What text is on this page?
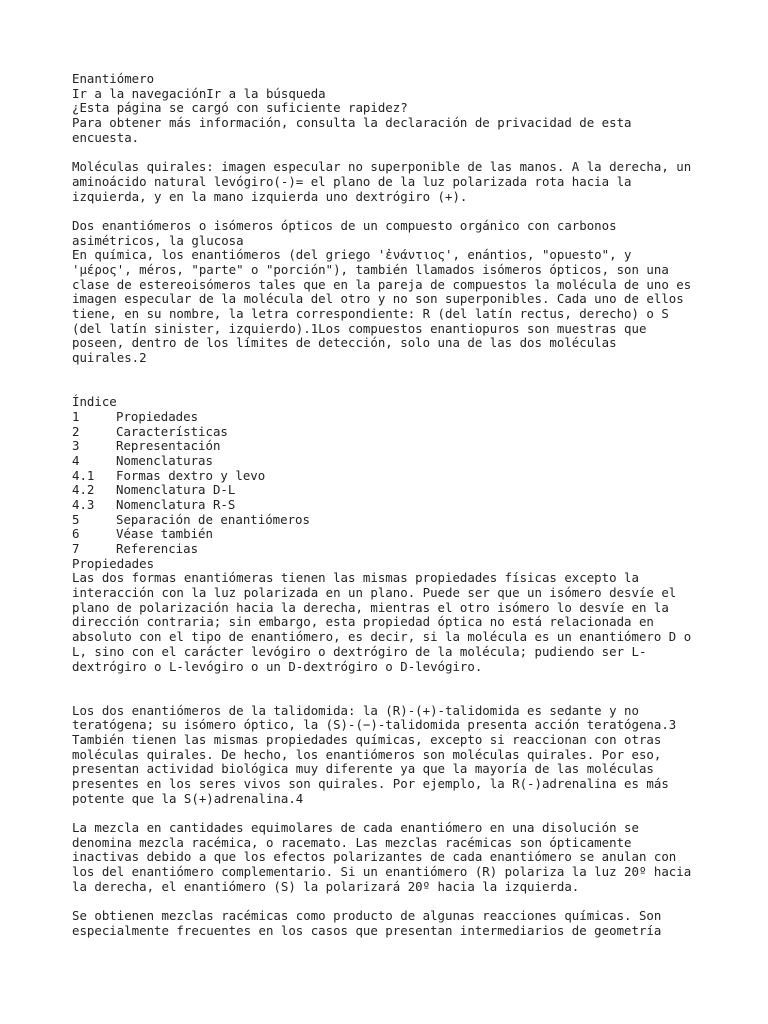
Enantiómero
Ir a la navegaciónIr a la búsqueda
¿Esta página se cargó con suficiente rapidez?
Para obtener más información, consulta la declaración de privacidad de esta
encuesta.
Moléculas quirales: imagen especular no superponible de las manos. A la derecha, un
aminoácido natural levógiro(-)= el plano de la luz polarizada rota hacia la
izquierda, y en la mano izquierda uno dextrógiro (+).
Dos enantiómeros o isómeros ópticos de un compuesto orgánico con carbonos
asimétricos, la glucosa
En química, los enantiómeros (del griego 'ἐνάντιος', enántios, "opuesto", y
'μέρος', méros, "parte" o "porción"), también llamados isómeros ópticos, son una
clase de estereoisómeros tales que en la pareja de compuestos la molécula de uno es
imagen especular de la molécula del otro y no son superponibles. Cada uno de ellos
tiene, en su nombre, la letra correspondiente: R (del latín rectus, derecho) o S
(del latín sinister, izquierdo).1Los compuestos enantiopuros son muestras que
poseen, dentro de los límites de detección, solo una de las dos moléculas
quirales.2
Índice
1	Propiedades
2	Características
3	Representación
4	Nomenclaturas
4.1	Formas dextro y levo
4.2	Nomenclatura D-L
4.3	Nomenclatura R-S
5	Separación de enantiómeros
6	Véase también
7	Referencias
Propiedades
Las dos formas enantiómeras tienen las mismas propiedades físicas excepto la
interacción con la luz polarizada en un plano. Puede ser que un isómero desvíe el
plano de polarización hacia la derecha, mientras el otro isómero lo desvíe en la
dirección contraria; sin embargo, esta propiedad óptica no está relacionada en
absoluto con el tipo de enantiómero, es decir, si la molécula es un enantiómero D o
L, sino con el carácter levógiro o dextrógiro de la molécula; pudiendo ser L-
dextrógiro o L-levógiro o un D-dextrógiro o D-levógiro.
Los dos enantiómeros de la talidomida: la (R)-(+)-talidomida es sedante y no
teratógena; su isómero óptico, la (S)-(−)-talidomida presenta acción teratógena.3
También tienen las mismas propiedades químicas, excepto si reaccionan con otras
moléculas quirales. De hecho, los enantiómeros son moléculas quirales. Por eso,
presentan actividad biológica muy diferente ya que la mayoría de las moléculas
presentes en los seres vivos son quirales. Por ejemplo, la R(-)adrenalina es más
potente que la S(+)adrenalina.4
La mezcla en cantidades equimolares de cada enantiómero en una disolución se
denomina mezcla racémica, o racemato. Las mezclas racémicas son ópticamente
inactivas debido a que los efectos polarizantes de cada enantiómero se anulan con
los del enantiómero complementario. Si un enantiómero (R) polariza la luz 20º hacia
la derecha, el enantiómero (S) la polarizará 20º hacia la izquierda.
Se obtienen mezclas racémicas como producto de algunas reacciones químicas. Son
especialmente frecuentes en los casos que presentan intermediarios de geometría
